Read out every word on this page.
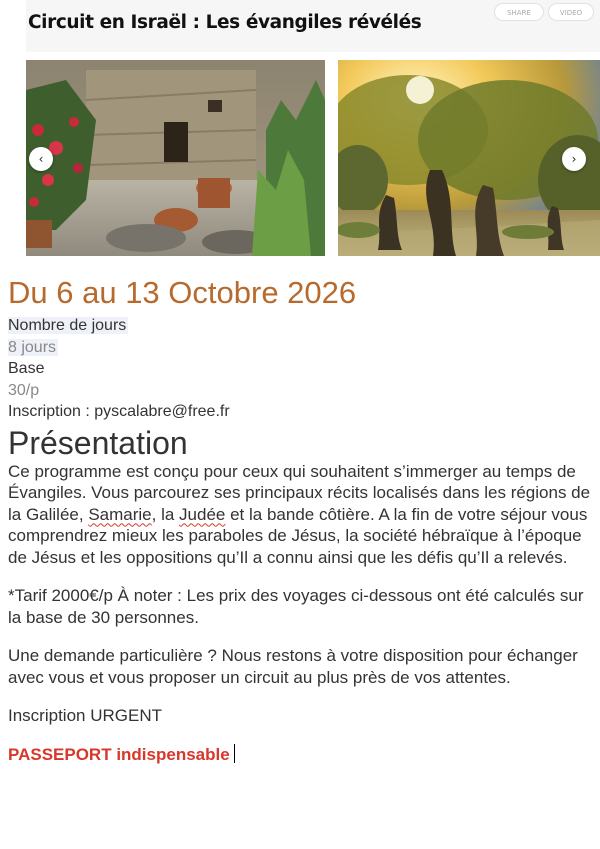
Circuit en Israël : Les évangiles révélés	SHARE	VIDEO
‹	›
Du 6 au 13 Octobre 2026
Nombre de jours
8 jours
Base
30/p
Inscription : pyscalabre@free.fr
Présentation

Ce programme est conçu pour ceux qui souhaitent s’immerger au temps de Évangiles. Vous parcourez ses principaux récits localisés dans les régions de la Galilée, Samarie, la Judée et la bande côtière. A la fin de votre séjour vous comprendrez mieux les paraboles de Jésus, la société hébraïque à l’époque de Jésus et les oppositions qu’Il a connu ainsi que les défis qu’Il a relevés.

*Tarif 2000€/p À noter : Les prix des voyages ci-dessous ont été calculés sur la base de 30 personnes.

Une demande particulière ? Nous restons à votre disposition pour échanger avec vous et vous proposer un circuit au plus près de vos attentes.

Inscription URGENT

PASSEPORT indispensable
